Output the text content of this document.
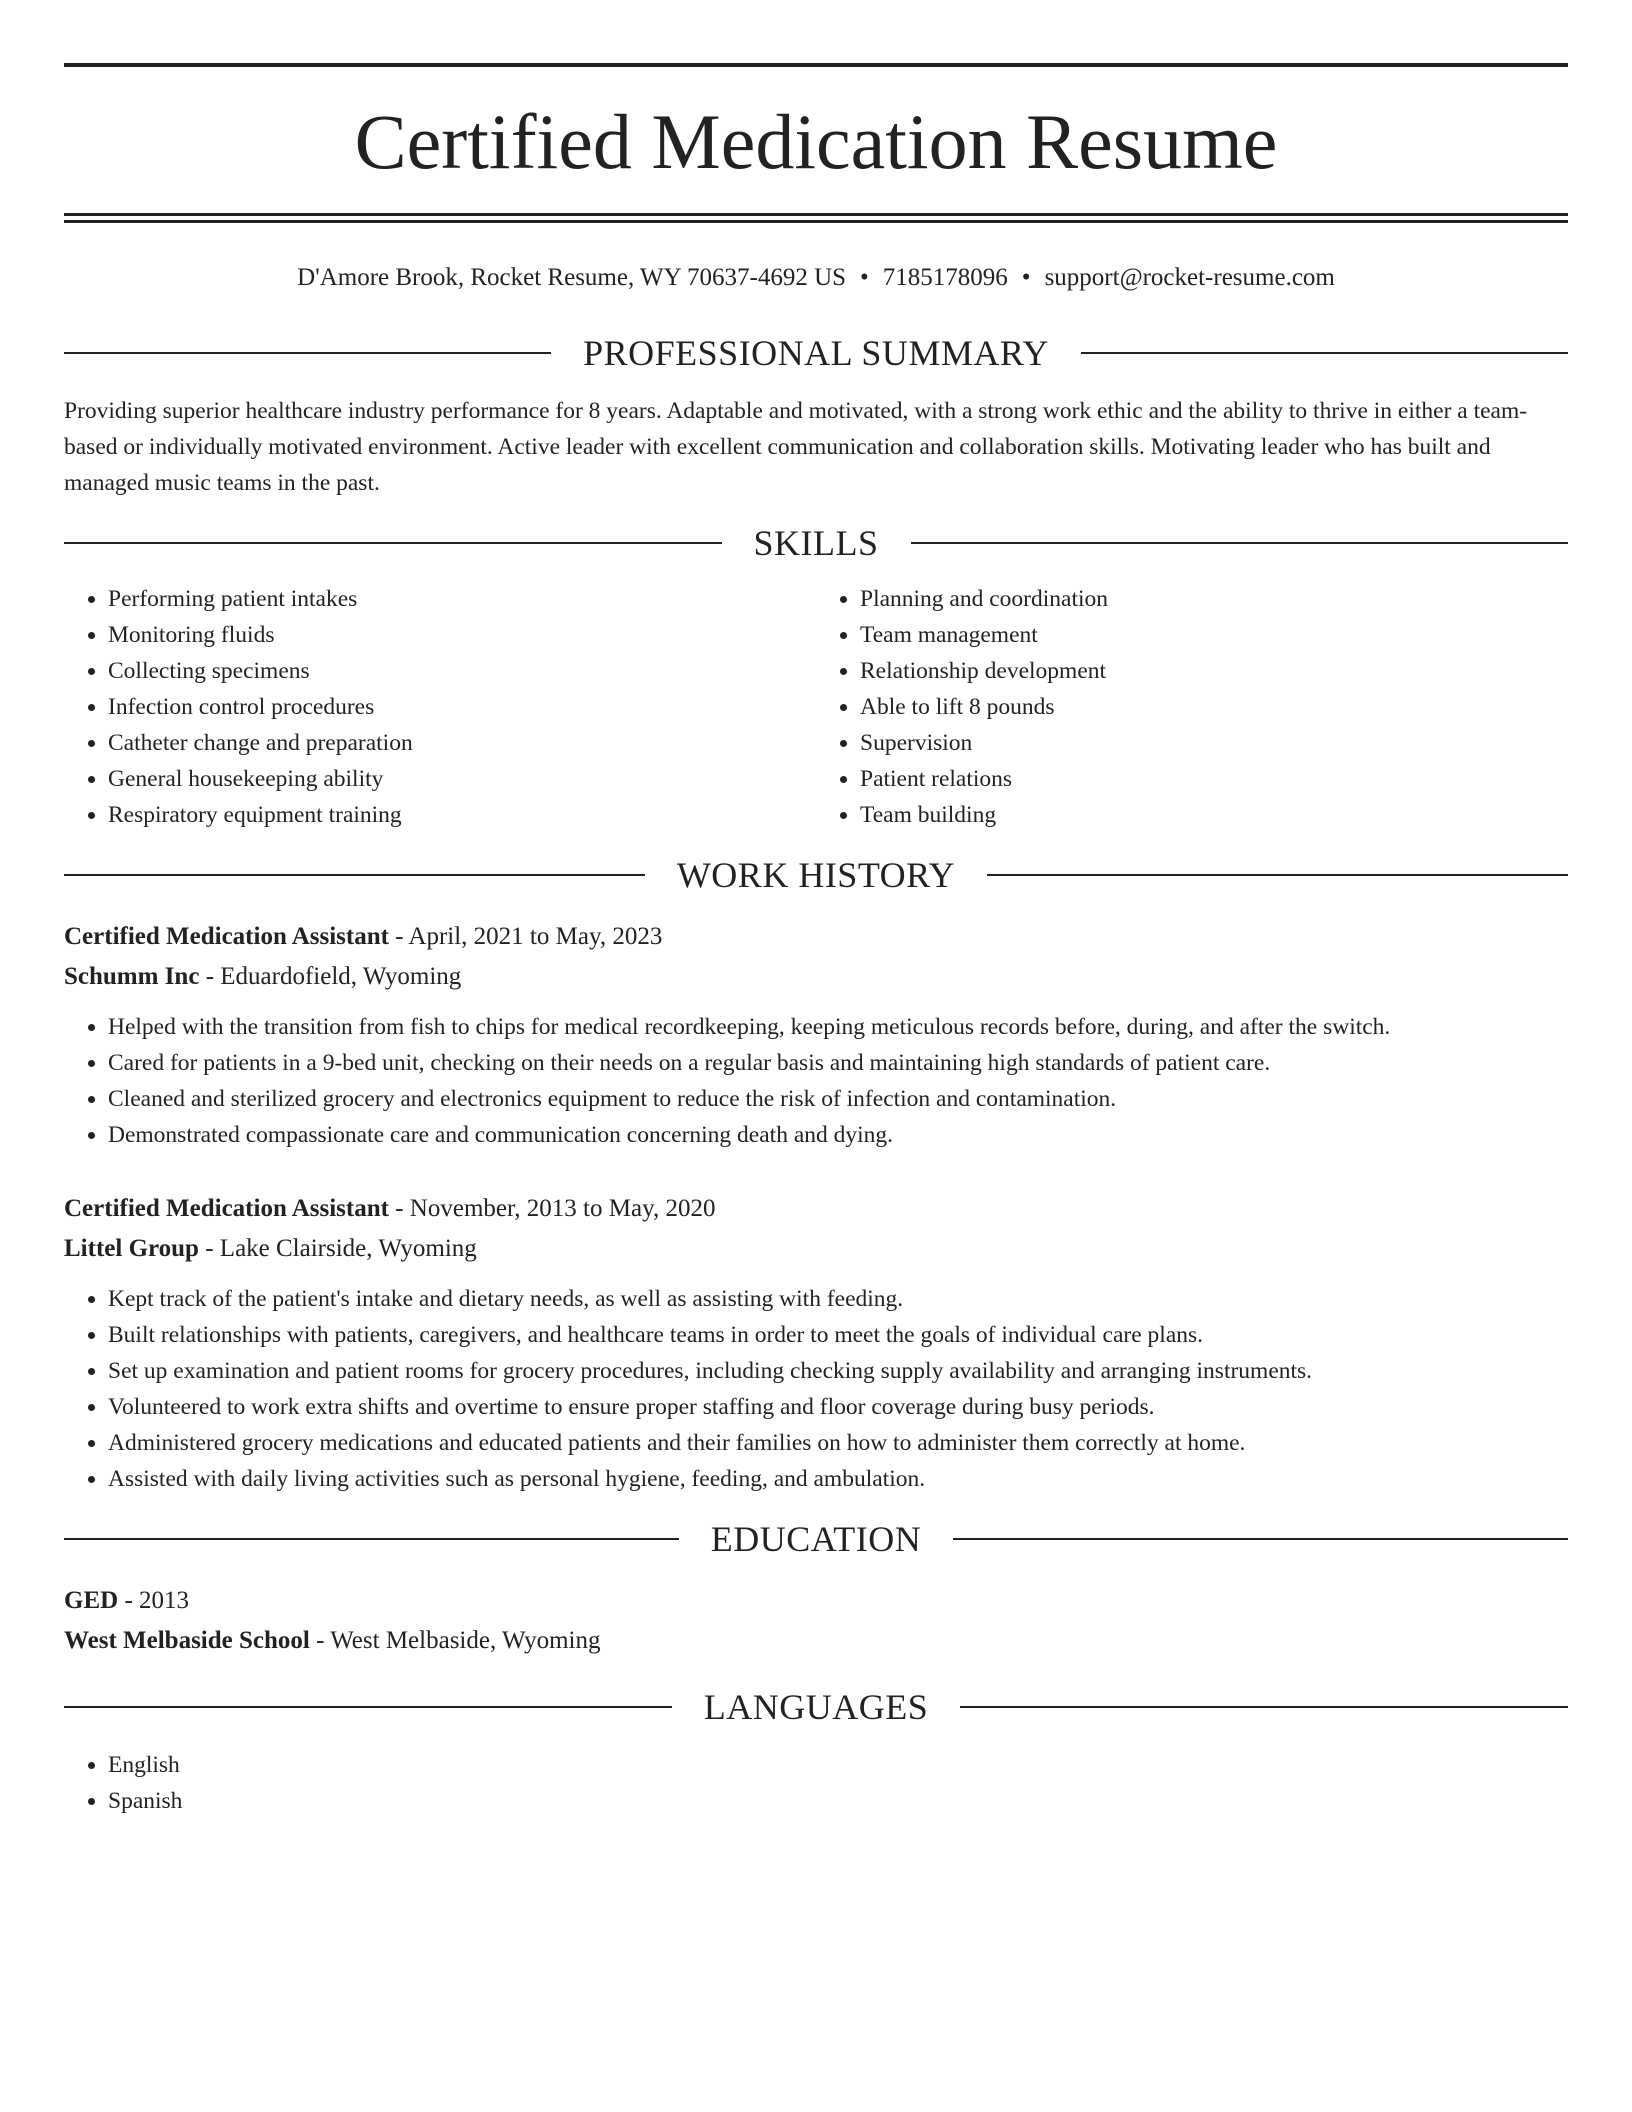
Certified Medication Resume
D'Amore Brook, Rocket Resume, WY 70637-4692 US • 7185178096 • support@rocket-resume.com
PROFESSIONAL SUMMARY
Providing superior healthcare industry performance for 8 years. Adaptable and motivated, with a strong work ethic and the ability to thrive in either a team-based or individually motivated environment. Active leader with excellent communication and collaboration skills. Motivating leader who has built and managed music teams in the past.
SKILLS
• Performing patient intakes
• Monitoring fluids
• Collecting specimens
• Infection control procedures
• Catheter change and preparation
• General housekeeping ability
• Respiratory equipment training
• Planning and coordination
• Team management
• Relationship development
• Able to lift 8 pounds
• Supervision
• Patient relations
• Team building
WORK HISTORY
Certified Medication Assistant - April, 2021 to May, 2023
Schumm Inc - Eduardofield, Wyoming
• Helped with the transition from fish to chips for medical recordkeeping, keeping meticulous records before, during, and after the switch.
• Cared for patients in a 9-bed unit, checking on their needs on a regular basis and maintaining high standards of patient care.
• Cleaned and sterilized grocery and electronics equipment to reduce the risk of infection and contamination.
• Demonstrated compassionate care and communication concerning death and dying.
Certified Medication Assistant - November, 2013 to May, 2020
Littel Group - Lake Clairside, Wyoming
• Kept track of the patient's intake and dietary needs, as well as assisting with feeding.
• Built relationships with patients, caregivers, and healthcare teams in order to meet the goals of individual care plans.
• Set up examination and patient rooms for grocery procedures, including checking supply availability and arranging instruments.
• Volunteered to work extra shifts and overtime to ensure proper staffing and floor coverage during busy periods.
• Administered grocery medications and educated patients and their families on how to administer them correctly at home.
• Assisted with daily living activities such as personal hygiene, feeding, and ambulation.
EDUCATION
GED - 2013
West Melbaside School - West Melbaside, Wyoming
LANGUAGES
• English
• Spanish
